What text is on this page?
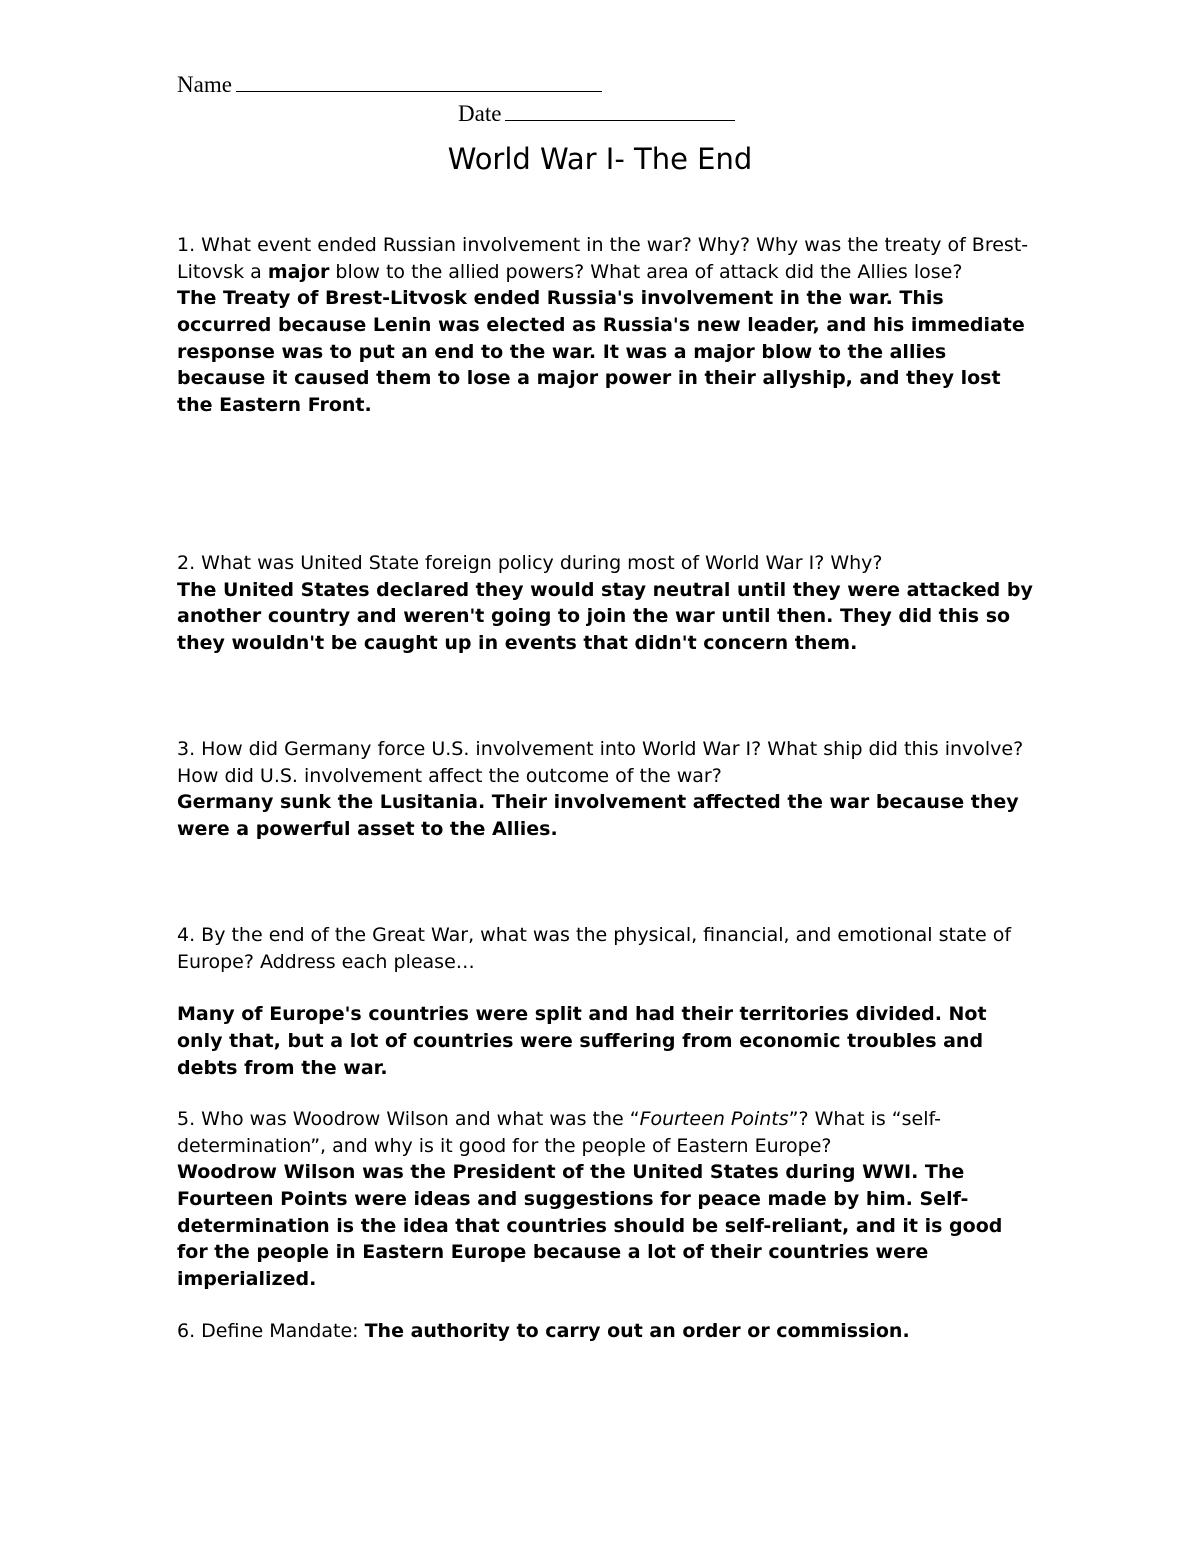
Name
Date
World War I- The End

1. What event ended Russian involvement in the war? Why? Why was the treaty of Brest-Litovsk a major blow to the allied powers? What area of attack did the Allies lose?

The Treaty of Brest-Litvosk ended Russia's involvement in the war. This occurred because Lenin was elected as Russia's new leader, and his immediate response was to put an end to the war. It was a major blow to the allies because it caused them to lose a major power in their allyship, and they lost the Eastern Front.

2. What was United State foreign policy during most of World War I? Why?

The United States declared they would stay neutral until they were attacked by another country and weren't going to join the war until then. They did this so they wouldn't be caught up in events that didn't concern them.

3. How did Germany force U.S. involvement into World War I? What ship did this involve? How did U.S. involvement affect the outcome of the war?

Germany sunk the Lusitania. Their involvement affected the war because they were a powerful asset to the Allies.

4. By the end of the Great War, what was the physical, financial, and emotional state of Europe? Address each please…

Many of Europe's countries were split and had their territories divided. Not only that, but a lot of countries were suffering from economic troubles and debts from the war.

5. Who was Woodrow Wilson and what was the “Fourteen Points”? What is “self-determination”, and why is it good for the people of Eastern Europe?

Woodrow Wilson was the President of the United States during WWI. The Fourteen Points were ideas and suggestions for peace made by him. Self-determination is the idea that countries should be self-reliant, and it is good for the people in Eastern Europe because a lot of their countries were imperialized.

6. Define Mandate: The authority to carry out an order or commission.
